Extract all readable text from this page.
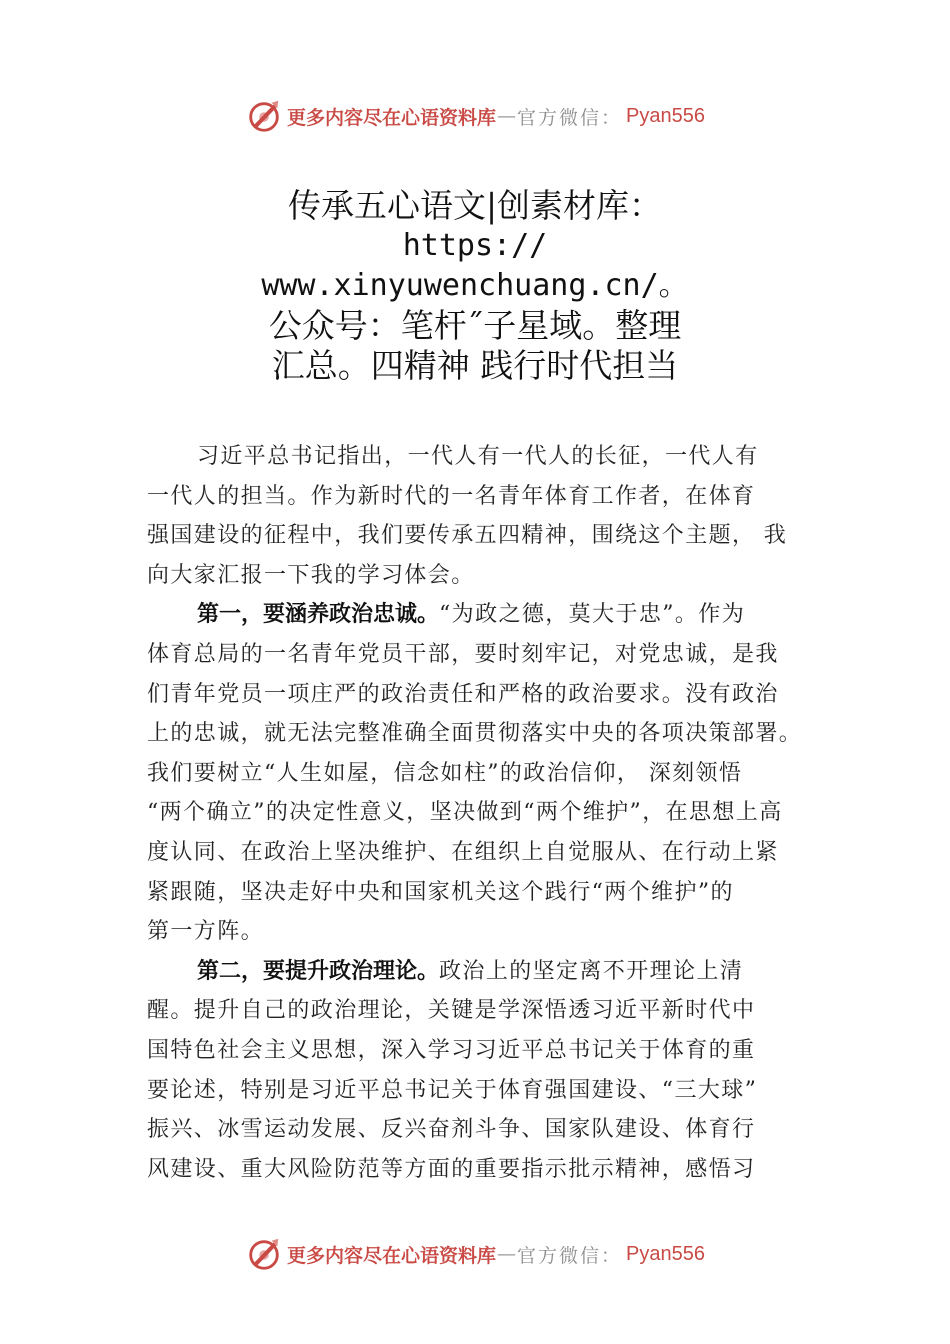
更多内容尽在心语资料库 — 官方微信： Pyan556
传承五心语文|创素材库：
https://
www.xinyuwenchuang.cn/。
公众号：笔杆˝子星域。整理
汇总。四精神 践行时代担当
习近平总书记指出，一代人有一代人的长征，一代人有
一代人的担当。作为新时代的一名青年体育工作者，在体育
强国建设的征程中，我们要传承五四精神，围绕这个主题， 我
向大家汇报一下我的学习体会。
第一，要涵养政治忠诚。“为政之德，莫大于忠”。作为
体育总局的一名青年党员干部，要时刻牢记，对党忠诚，是我
们青年党员一项庄严的政治责任和严格的政治要求。没有政治
上的忠诚，就无法完整准确全面贯彻落实中央的各项决策部署。
我们要树立“人生如屋，信念如柱”的政治信仰， 深刻领悟
“两个确立”的决定性意义，坚决做到“两个维护”，在思想上高
度认同、在政治上坚决维护、在组织上自觉服从、在行动上紧
紧跟随，坚决走好中央和国家机关这个践行“两个维护”的
第一方阵。
第二，要提升政治理论。政治上的坚定离不开理论上清
醒。提升自己的政治理论，关键是学深悟透习近平新时代中
国特色社会主义思想，深入学习习近平总书记关于体育的重
要论述，特别是习近平总书记关于体育强国建设、“三大球”
振兴、冰雪运动发展、反兴奋剂斗争、国家队建设、体育行
风建设、重大风险防范等方面的重要指示批示精神，感悟习
更多内容尽在心语资料库 — 官方微信： Pyan556
